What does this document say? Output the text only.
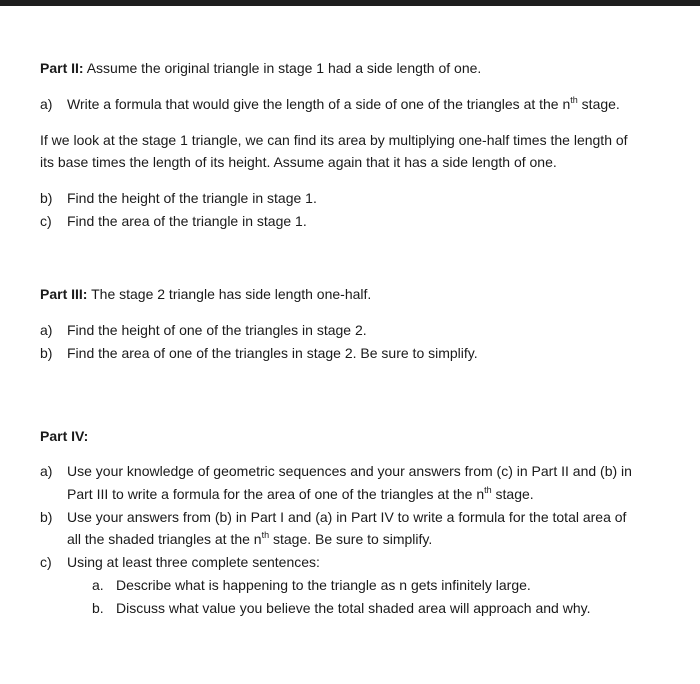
Part II: Assume the original triangle in stage 1 had a side length of one.
a) Write a formula that would give the length of a side of one of the triangles at the $n^{th}$ stage.
If we look at the stage 1 triangle, we can find its area by multiplying one-half times the length of
its base times the length of its height. Assume again that it has a side length of one.
b) Find the height of the triangle in stage 1.
c) Find the area of the triangle in stage 1.
Part III: The stage 2 triangle has side length one-half.
a) Find the height of one of the triangles in stage 2.
b) Find the area of one of the triangles in stage 2. Be sure to simplify.
Part IV:
a) Use your knowledge of geometric sequences and your answers from (c) in Part II and (b) in
Part III to write a formula for the area of one of the triangles at the $n^{th}$ stage.
b) Use your answers from (b) in Part I and (a) in Part IV to write a formula for the total area of
all the shaded triangles at the $n^{th}$ stage. Be sure to simplify.
c) Using at least three complete sentences:
a. Describe what is happening to the triangle as n gets infinitely large.
b. Discuss what value you believe the total shaded area will approach and why.
